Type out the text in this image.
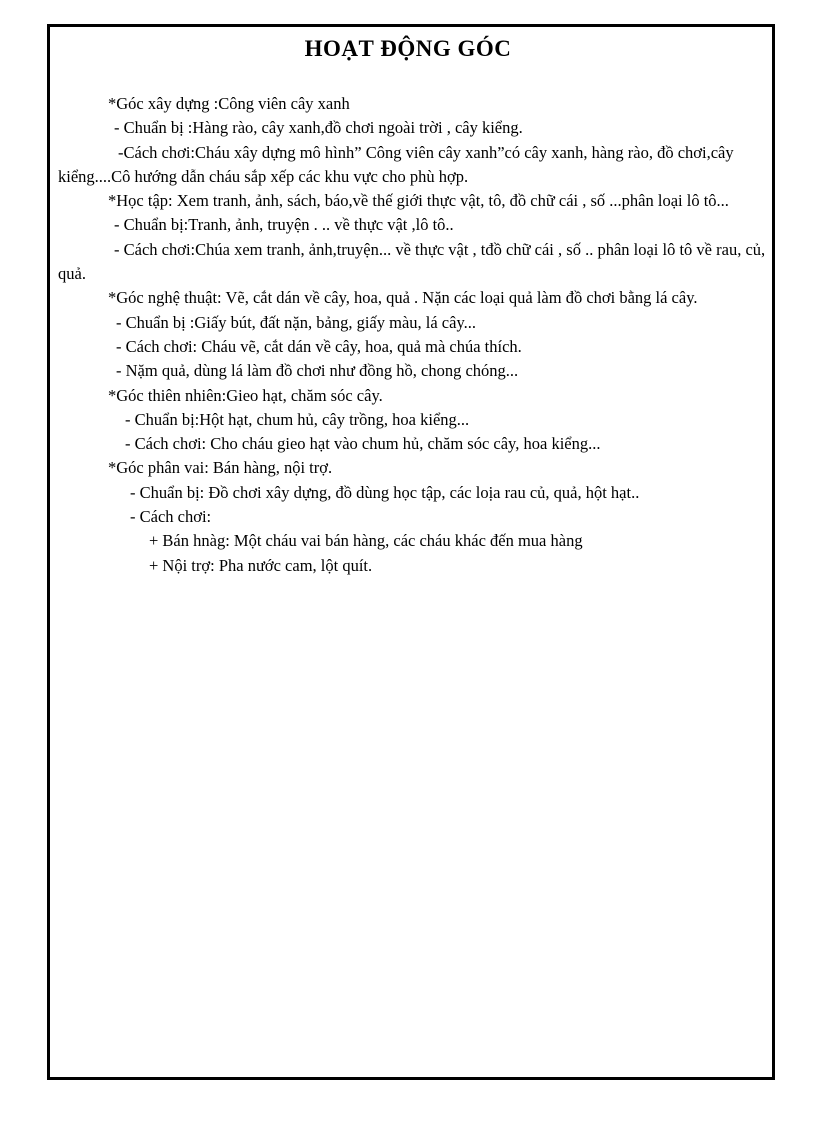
HOẠT ĐỘNG GÓC

*Góc xây dựng :Công viên cây xanh

- Chuẩn bị :Hàng rào, cây xanh,đồ chơi ngoài trời , cây kiểng.

-Cách chơi:Cháu xây dựng mô hình” Công viên cây xanh”có cây xanh, hàng rào, đồ chơi,cây kiểng....Cô hướng dẫn cháu sắp xếp các khu vực cho phù hợp.

*Học tập: Xem tranh, ảnh, sách, báo,về thế giới thực vật, tô, đồ chữ cái , số ...phân loại lô tô...

- Chuẩn bị:Tranh, ảnh, truyện . .. về thực vật ,lô tô..

- Cách chơi:Chúa xem tranh, ảnh,truyện... về thực vật , tđồ chữ cái , số .. phân loại lô tô về rau, củ, quả.

*Góc nghệ thuật: Vẽ, cắt dán về cây, hoa, quả . Nặn các loại quả làm đồ chơi bằng lá cây.

- Chuẩn bị :Giấy bút, đất nặn, bảng, giấy màu, lá cây...

- Cách chơi: Cháu vẽ, cắt dán về cây, hoa, quả mà chúa thích.

- Nặm quả, dùng lá làm đồ chơi như đồng hồ, chong chóng...

*Góc thiên nhiên:Gieo hạt, chăm sóc cây.

- Chuẩn bị:Hột hạt, chum hủ, cây trồng, hoa kiểng...

- Cách chơi: Cho cháu gieo hạt vào chum hủ, chăm sóc cây, hoa kiểng...

*Góc phân vai: Bán hàng, nội trợ.

- Chuẩn bị: Đồ chơi xây dựng, đồ dùng học tập, các loịa rau củ, quả, hột hạt..

- Cách chơi:

+ Bán hnàg: Một cháu vai bán hàng, các cháu khác đến mua hàng

+ Nội trợ: Pha nước cam, lột quít.
